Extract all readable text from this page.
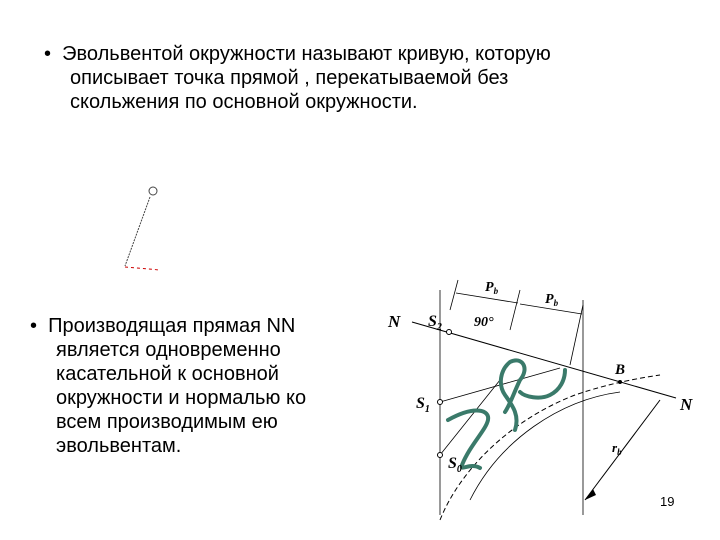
• Эвольвентой окружности называют кривую, которую
описывает точка прямой , перекатываемой без
скольжения по основной окружности.
• Производящая прямая NN
является одновременно
касательной к основной
окружности и нормалью ко
всем производимым ею
эвольвентам.
N
N
$S_2$
$S_1$
$S_0$
B
90°
$P_b$
$P_b$
$r_b$
19
